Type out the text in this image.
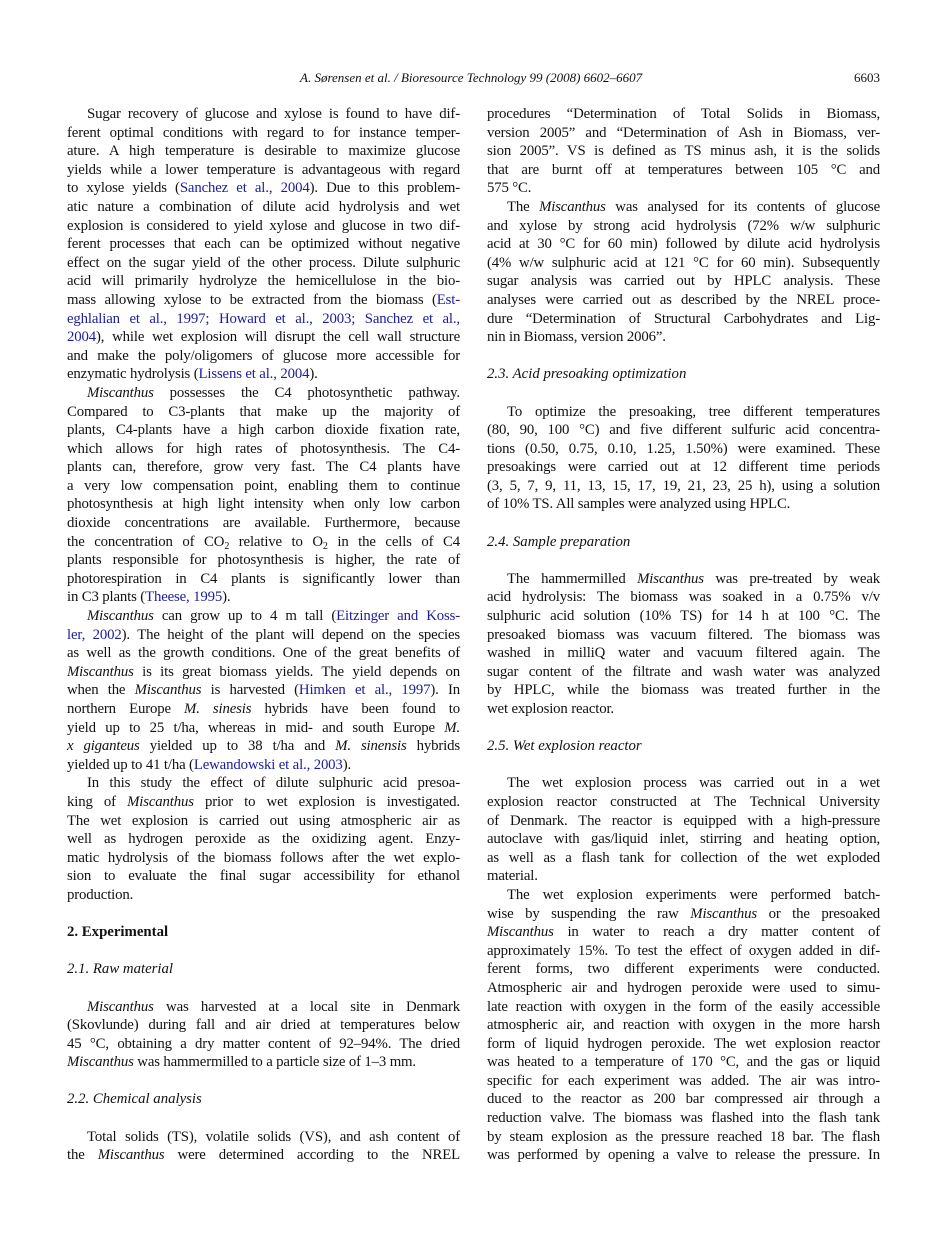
A. Sørensen et al. / Bioresource Technology 99 (2008) 6602–6607	6603
Sugar recovery of glucose and xylose is found to have dif-
ferent optimal conditions with regard to for instance temper-
ature. A high temperature is desirable to maximize glucose
yields while a lower temperature is advantageous with regard
to xylose yields (Sanchez et al., 2004). Due to this problem-
atic nature a combination of dilute acid hydrolysis and wet
explosion is considered to yield xylose and glucose in two dif-
ferent processes that each can be optimized without negative
effect on the sugar yield of the other process. Dilute sulphuric
acid will primarily hydrolyze the hemicellulose in the bio-
mass allowing xylose to be extracted from the biomass (Est-
eghlalian et al., 1997; Howard et al., 2003; Sanchez et al.,
2004), while wet explosion will disrupt the cell wall structure
and make the poly/oligomers of glucose more accessible for
enzymatic hydrolysis (Lissens et al., 2004).
Miscanthus possesses the C4 photosynthetic pathway.
Compared to C3-plants that make up the majority of
plants, C4-plants have a high carbon dioxide fixation rate,
which allows for high rates of photosynthesis. The C4-
plants can, therefore, grow very fast. The C4 plants have
a very low compensation point, enabling them to continue
photosynthesis at high light intensity when only low carbon
dioxide concentrations are available. Furthermore, because
the concentration of $CO_2$ relative to $O_2$ in the cells of C4
plants responsible for photosynthesis is higher, the rate of
photorespiration in C4 plants is significantly lower than
in C3 plants (Theese, 1995).
Miscanthus can grow up to 4 m tall (Eitzinger and Koss-
ler, 2002). The height of the plant will depend on the species
as well as the growth conditions. One of the great benefits of
Miscanthus is its great biomass yields. The yield depends on
when the Miscanthus is harvested (Himken et al., 1997). In
northern Europe M. sinesis hybrids have been found to
yield up to 25 t/ha, whereas in mid- and south Europe M.
x giganteus yielded up to 38 t/ha and M. sinensis hybrids
yielded up to 41 t/ha (Lewandowski et al., 2003).
In this study the effect of dilute sulphuric acid presoa-
king of Miscanthus prior to wet explosion is investigated.
The wet explosion is carried out using atmospheric air as
well as hydrogen peroxide as the oxidizing agent. Enzy-
matic hydrolysis of the biomass follows after the wet explo-
sion to evaluate the final sugar accessibility for ethanol
production.
2. Experimental
2.1. Raw material
Miscanthus was harvested at a local site in Denmark
(Skovlunde) during fall and air dried at temperatures below
45 °C, obtaining a dry matter content of 92–94%. The dried
Miscanthus was hammermilled to a particle size of 1–3 mm.
2.2. Chemical analysis
Total solids (TS), volatile solids (VS), and ash content of
the Miscanthus were determined according to the NREL
procedures “Determination of Total Solids in Biomass,
version 2005” and “Determination of Ash in Biomass, ver-
sion 2005”. VS is defined as TS minus ash, it is the solids
that are burnt off at temperatures between 105 °C and
575 °C.
The Miscanthus was analysed for its contents of glucose
and xylose by strong acid hydrolysis (72% w/w sulphuric
acid at 30 °C for 60 min) followed by dilute acid hydrolysis
(4% w/w sulphuric acid at 121 °C for 60 min). Subsequently
sugar analysis was carried out by HPLC analysis. These
analyses were carried out as described by the NREL proce-
dure “Determination of Structural Carbohydrates and Lig-
nin in Biomass, version 2006”.
2.3. Acid presoaking optimization
To optimize the presoaking, tree different temperatures
(80, 90, 100 °C) and five different sulfuric acid concentra-
tions (0.50, 0.75, 0.10, 1.25, 1.50%) were examined. These
presoakings were carried out at 12 different time periods
(3, 5, 7, 9, 11, 13, 15, 17, 19, 21, 23, 25 h), using a solution
of 10% TS. All samples were analyzed using HPLC.
2.4. Sample preparation
The hammermilled Miscanthus was pre-treated by weak
acid hydrolysis: The biomass was soaked in a 0.75% v/v
sulphuric acid solution (10% TS) for 14 h at 100 °C. The
presoaked biomass was vacuum filtered. The biomass was
washed in milliQ water and vacuum filtered again. The
sugar content of the filtrate and wash water was analyzed
by HPLC, while the biomass was treated further in the
wet explosion reactor.
2.5. Wet explosion reactor
The wet explosion process was carried out in a wet
explosion reactor constructed at The Technical University
of Denmark. The reactor is equipped with a high-pressure
autoclave with gas/liquid inlet, stirring and heating option,
as well as a flash tank for collection of the wet exploded
material.
The wet explosion experiments were performed batch-
wise by suspending the raw Miscanthus or the presoaked
Miscanthus in water to reach a dry matter content of
approximately 15%. To test the effect of oxygen added in dif-
ferent forms, two different experiments were conducted.
Atmospheric air and hydrogen peroxide were used to simu-
late reaction with oxygen in the form of the easily accessible
atmospheric air, and reaction with oxygen in the more harsh
form of liquid hydrogen peroxide. The wet explosion reactor
was heated to a temperature of 170 °C, and the gas or liquid
specific for each experiment was added. The air was intro-
duced to the reactor as 200 bar compressed air through a
reduction valve. The biomass was flashed into the flash tank
by steam explosion as the pressure reached 18 bar. The flash
was performed by opening a valve to release the pressure. In
